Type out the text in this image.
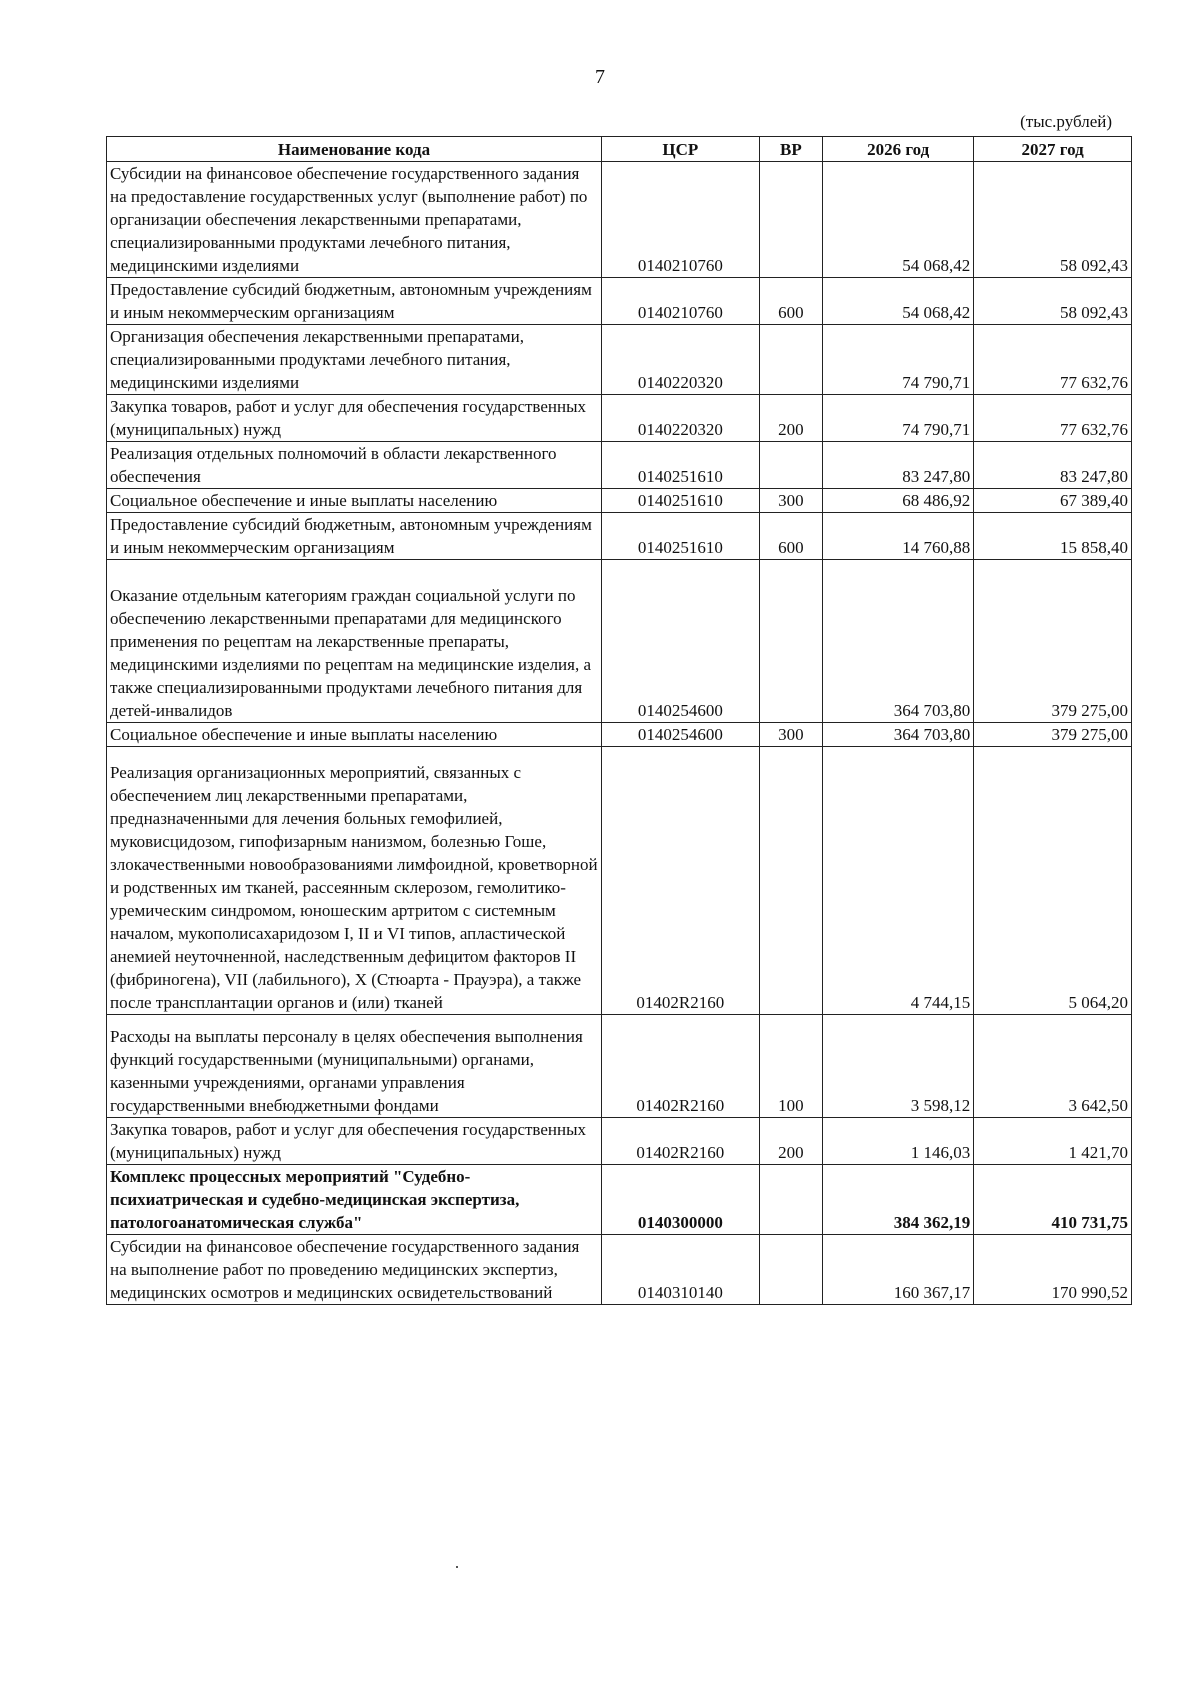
7
(тыс.рублей)
Наименование кода	ЦСР	ВР	2026 год	2027 год
Субсидии на финансовое обеспечение государственного задания на предоставление государственных услуг (выполнение работ) по организации обеспечения лекарственными препаратами, специализированными продуктами лечебного питания, медицинскими изделиями	0140210760		54 068,42	58 092,43
Предоставление субсидий бюджетным, автономным учреждениям и иным некоммерческим организациям	0140210760	600	54 068,42	58 092,43
Организация обеспечения лекарственными препаратами, специализированными продуктами лечебного питания, медицинскими изделиями	0140220320		74 790,71	77 632,76
Закупка товаров, работ и услуг для обеспечения государственных (муниципальных) нужд	0140220320	200	74 790,71	77 632,76
Реализация отдельных полномочий в области лекарственного обеспечения	0140251610		83 247,80	83 247,80
Социальное обеспечение и иные выплаты населению	0140251610	300	68 486,92	67 389,40
Предоставление субсидий бюджетным, автономным учреждениям и иным некоммерческим организациям	0140251610	600	14 760,88	15 858,40
Оказание отдельным категориям граждан социальной услуги по обеспечению лекарственными препаратами для медицинского применения по рецептам на лекарственные препараты, медицинскими изделиями по рецептам на медицинские изделия, а также специализированными продуктами лечебного питания для детей-инвалидов	0140254600		364 703,80	379 275,00
Социальное обеспечение и иные выплаты населению	0140254600	300	364 703,80	379 275,00
Реализация организационных мероприятий, связанных с обеспечением лиц лекарственными препаратами, предназначенными для лечения больных гемофилией, муковисцидозом, гипофизарным нанизмом, болезнью Гоше, злокачественными новообразованиями лимфоидной, кроветворной и родственных им тканей, рассеянным склерозом, гемолитико-уремическим синдромом, юношеским артритом с системным началом, мукополисахаридозом I, II и VI типов, апластической анемией неуточненной, наследственным дефицитом факторов II (фибриногена), VII (лабильного), X (Стюарта - Прауэра), а также после трансплантации органов и (или) тканей	01402R2160		4 744,15	5 064,20
Расходы на выплаты персоналу в целях обеспечения выполнения функций государственными (муниципальными) органами, казенными учреждениями, органами управления государственными внебюджетными фондами	01402R2160	100	3 598,12	3 642,50
Закупка товаров, работ и услуг для обеспечения государственных (муниципальных) нужд	01402R2160	200	1 146,03	1 421,70
Комплекс процессных мероприятий "Судебно-психиатрическая и судебно-медицинская экспертиза, патологоанатомическая служба"	0140300000		384 362,19	410 731,75
Субсидии на финансовое обеспечение государственного задания на выполнение работ по проведению медицинских экспертиз, медицинских осмотров и медицинских освидетельствований	0140310140		160 367,17	170 990,52
